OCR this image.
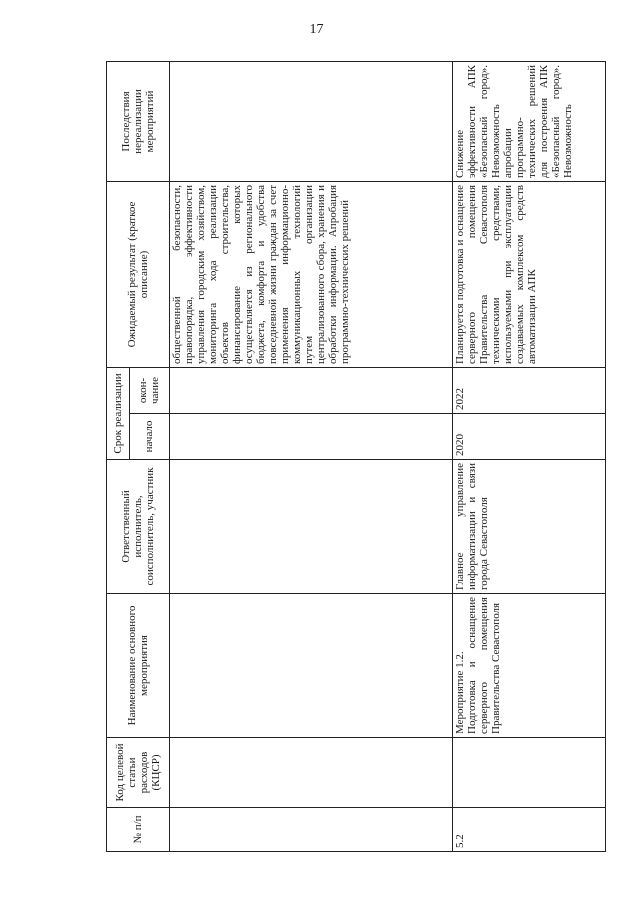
17
№ п/п	Код целевой статьи расходов (КЦСР)	Наименование основного мероприятия	Ответственный исполнитель, соисполнитель, участник	Срок реализации		Ожидаемый результат (краткое описание)	Последствия нереализации мероприятий
				начало	окон-чание		
						общественной безопасности, правопорядка, эффективности управления городским хозяйством, мониторинга хода реализации объектов строительства, финансирование которых осуществляется из регионального бюджета, комфорта и удобства повседневной жизни граждан за счет применения информационно-коммуникационных технологий путем организации централизованного сбора, хранения и обработки информации. Апробация программно-технических решений	
5.2		Мероприятие 1.2. Подготовка и оснащение серверного помещения Правительства Севастополя	Главное управление информатизации и связи города Севастополя	2020	2022	Планируется подготовка и оснащение серверного помещения Правительства Севастополя техническими средствами, используемыми при эксплуатации создаваемых комплексом средств автоматизации АПК	Снижение эффективности АПК «Безопасный город». Невозможность апробации программно-технических решений для построения АПК «Безопасный город». Невозможность
